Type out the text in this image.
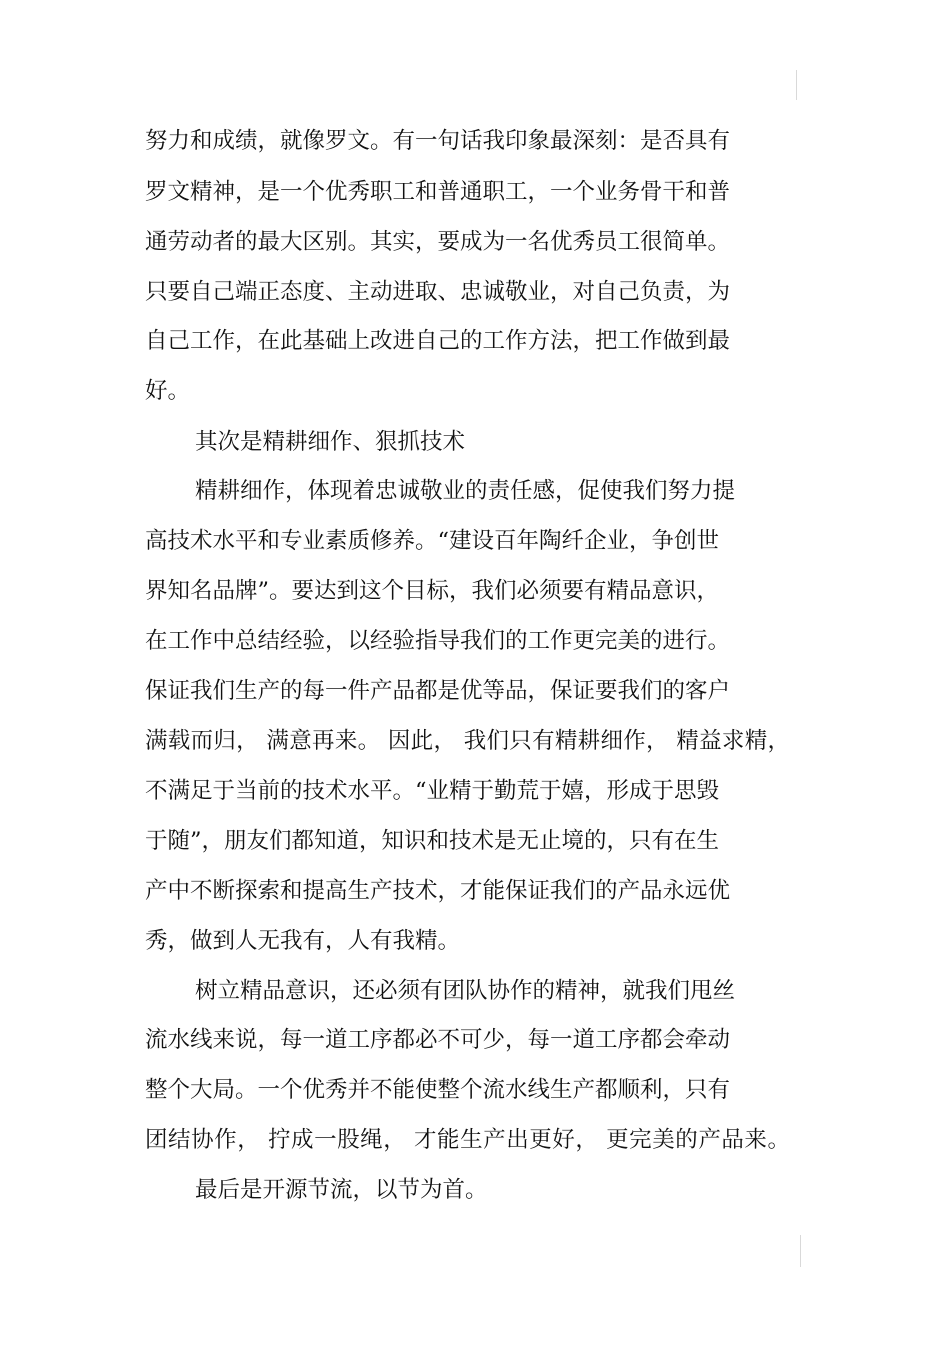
努力和成绩，就像罗文。有一句话我印象最深刻：是否具有

罗文精神，是一个优秀职工和普通职工，一个业务骨干和普

通劳动者的最大区别。其实，要成为一名优秀员工很简单。

只要自己端正态度、主动进取、忠诚敬业，对自己负责，为

自己工作，在此基础上改进自己的工作方法，把工作做到最

好。

其次是精耕细作、狠抓技术

精耕细作，体现着忠诚敬业的责任感，促使我们努力提

高技术水平和专业素质修养。“建设百年陶纤企业，争创世

界知名品牌”。要达到这个目标，我们必须要有精品意识，

在工作中总结经验，以经验指导我们的工作更完美的进行。

保证我们生产的每一件产品都是优等品，保证要我们的客户

满载而归， 满意再来。 因此， 我们只有精耕细作， 精益求精，

不满足于当前的技术水平。“业精于勤荒于嬉，形成于思毁

于随”，朋友们都知道，知识和技术是无止境的，只有在生

产中不断探索和提高生产技术，才能保证我们的产品永远优

秀，做到人无我有，人有我精。

树立精品意识，还必须有团队协作的精神，就我们甩丝

流水线来说，每一道工序都必不可少，每一道工序都会牵动

整个大局。一个优秀并不能使整个流水线生产都顺利，只有

团结协作， 拧成一股绳， 才能生产出更好， 更完美的产品来。

最后是开源节流，以节为首。
